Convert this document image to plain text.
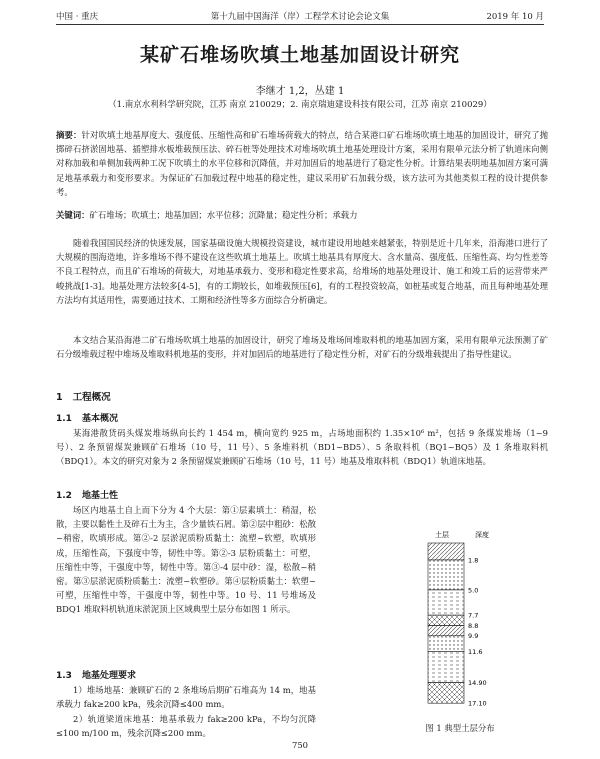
中国 · 重庆	第十九届中国海洋（岸）工程学术讨论会论文集	2019 年 10 月
某矿石堆场吹填土地基加固设计研究
李继才 1,2，丛建 1
（1.南京水利科学研究院，江苏 南京 210029；2. 南京瑞迪建设科技有限公司，江苏 南京 210029）
摘要：针对吹填土地基厚度大、强度低、压缩性高和矿石堆场荷载大的特点，结合某港口矿石堆场吹填土地基的加固设计，研究了抛掷碎石挤淤固地基、插塑排水板堆载预压法、碎石桩等处理技术对堆场吹填土地基处理设计方案，采用有限单元法分析了轨道床向侧对称加载和单侧加载两种工况下吹填土的水平位移和沉降值，并对加固后的地基进行了稳定性分析。计算结果表明地基加固方案可满足地基承载力和变形要求。为保证矿石加载过程中地基的稳定性，建议采用矿石加载分级，该方法可为其他类似工程的设计提供参考。
关键词：矿石堆场；吹填土；地基加固；水平位移；沉降量；稳定性分析；承载力
随着我国国民经济的快速发展，国家基础设施大规模投资建设，城市建设用地越来越紧张，特别是近十几年来，沿海港口进行了大规模的围海造地，许多堆场不得不建设在这些吹填土地基上。吹填土地基具有厚度大、含水量高、强度低、压缩性高、均匀性差等不良工程特点，而且矿石堆场的荷载大，对地基承载力、变形和稳定性要求高，给堆场的地基处理设计、施工和竣工后的运营带来严峻挑战[1-3]。地基处理方法较多[4-5]，有的工期较长，如堆载预压[6]，有的工程投资较高，如桩基或复合地基，而且每种地基处理方法均有其适用性，需要通过技术、工期和经济性等多方面综合分析确定。
本文结合某沿海港二矿石堆场吹填土地基的加固设计，研究了堆场及堆场间堆取料机的地基加固方案，采用有限单元法预测了矿石分级堆载过程中堆场及堆取料机地基的变形，并对加固后的地基进行了稳定性分析，对矿石的分级堆载提出了指导性建议。
1 工程概况
1.1 基本概况
某海港散货码头煤炭堆场纵向长约 1 454 m，横向宽约 925 m，占场地面积约 1.35×10⁶ m²，包括 9 条煤炭堆场（1~9 号）、2 条预留煤炭兼顾矿石堆场（10 号，11 号）、5 条堆料机（BD1~BD5）、5 条取料机（BQ1~BQ5）及 1 条堆取料机（BDQ1）。本文的研究对象为 2 条预留煤炭兼顾矿石堆场（10 号，11 号）地基及堆取料机（BDQ1）轨道床地基。
1.2 地基土性
场区内地基土自上而下分为 4 个大层：第①层素填土：稍湿，松散，主要以黏性土及碎石土为主，含少量铁石屑。第②层中粗砂：松散~稍密，吹填形成。第②-2 层淤泥质粉质黏土：流塑~软塑，吹填形成，压缩性高，下强度中等，韧性中等。第②-3 层粉质黏土：可塑，压缩性中等，干强度中等，韧性中等。第③-4 层中砂：湿，松散~稍密。第③层淤泥质粉质黏土：流塑~软塑砂。第④层粉质黏土：软塑~可塑，压缩性中等，干强度中等，韧性中等。10 号、11 号堆场及 BDQ1 堆取料机轨道床淤泥顶上区域典型土层分布如图 1 所示。
1.3 地基处理要求
1）堆场地基：兼顾矿石的 2 条堆场后期矿石堆高为 14 m，地基承载力 fak≥200 kPa，残余沉降≤400 mm。
2）轨道梁道床地基：地基承载力 fak≥200 kPa，不均匀沉降≤100 m/100 m，残余沉降≤200 mm。
土层	深度
1.8
5.0
7.7
8.8
9.9
11.6
14.90
17.10
图 1 典型土层分布
750
